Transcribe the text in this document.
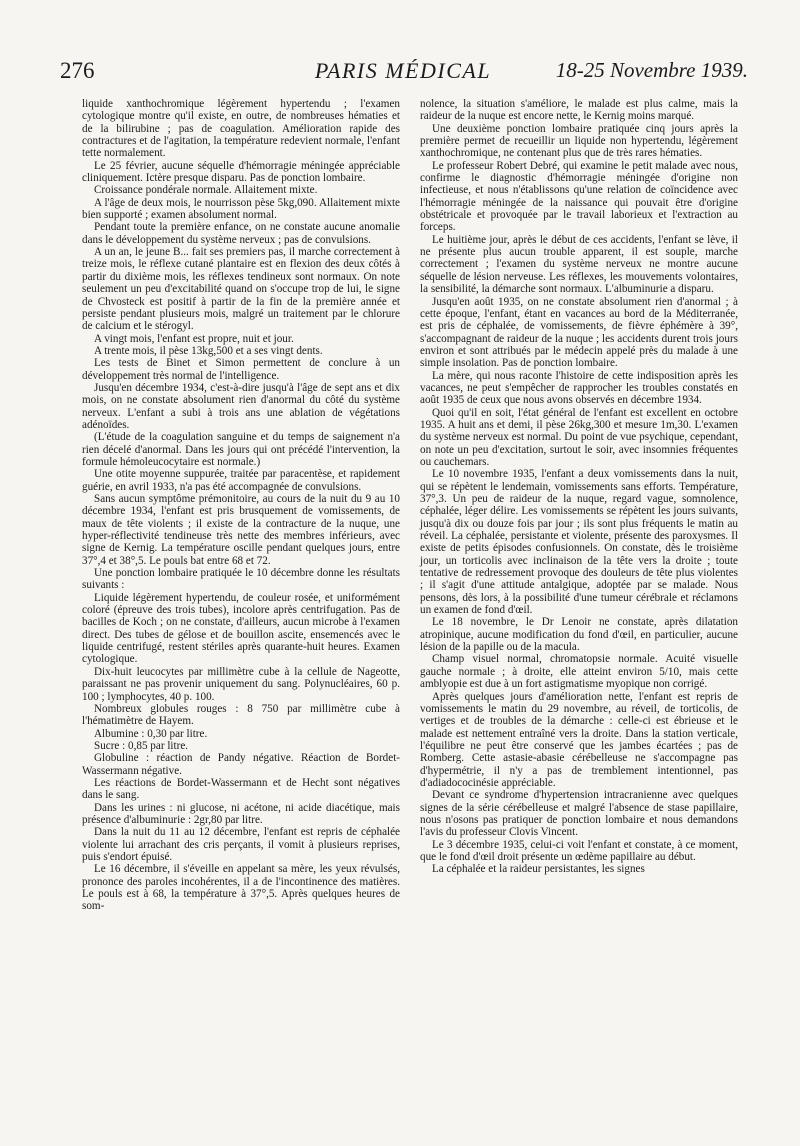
276	PARIS MÉDICAL	18-25 Novembre 1939.

liquide xanthochromique légèrement hypertendu ; l'examen cytologique montre qu'il existe, en outre, de nombreuses hématies et de la bilirubine ; pas de coagulation. Amélioration rapide des contractures et de l'agitation, la température redevient normale, l'enfant tette normalement.

Le 25 février, aucune séquelle d'hémorragie méningée appréciable cliniquement. Ictère presque disparu. Pas de ponction lombaire.

Croissance pondérale normale. Allaitement mixte.

A l'âge de deux mois, le nourrisson pèse 5kg,090. Allaitement mixte bien supporté ; examen absolument normal.

Pendant toute la première enfance, on ne constate aucune anomalie dans le développement du système nerveux ; pas de convulsions.

A un an, le jeune B... fait ses premiers pas, il marche correctement à treize mois, le réflexe cutané plantaire est en flexion des deux côtés à partir du dixième mois, les réflexes tendineux sont normaux. On note seulement un peu d'excitabilité quand on s'occupe trop de lui, le signe de Chvosteck est positif à partir de la fin de la première année et persiste pendant plusieurs mois, malgré un traitement par le chlorure de calcium et le stérogyl.

A vingt mois, l'enfant est propre, nuit et jour.

A trente mois, il pèse 13kg,500 et a ses vingt dents.

Les tests de Binet et Simon permettent de conclure à un développement très normal de l'intelligence.

Jusqu'en décembre 1934, c'est-à-dire jusqu'à l'âge de sept ans et dix mois, on ne constate absolument rien d'anormal du côté du système nerveux. L'enfant a subi à trois ans une ablation de végétations adénoïdes.

(L'étude de la coagulation sanguine et du temps de saignement n'a rien décelé d'anormal. Dans les jours qui ont précédé l'intervention, la formule hémoleucocytaire est normale.)

Une otite moyenne suppurée, traitée par paracentèse, et rapidement guérie, en avril 1933, n'a pas été accompagnée de convulsions.

Sans aucun symptôme prémonitoire, au cours de la nuit du 9 au 10 décembre 1934, l'enfant est pris brusquement de vomissements, de maux de tête violents ; il existe de la contracture de la nuque, une hyper-réflectivité tendineuse très nette des membres inférieurs, avec signe de Kernig. La température oscille pendant quelques jours, entre 37°,4 et 38°,5. Le pouls bat entre 68 et 72.

Une ponction lombaire pratiquée le 10 décembre donne les résultats suivants :

Liquide légèrement hypertendu, de couleur rosée, et uniformément coloré (épreuve des trois tubes), incolore après centrifugation. Pas de bacilles de Koch ; on ne constate, d'ailleurs, aucun microbe à l'examen direct. Des tubes de gélose et de bouillon ascite, ensemencés avec le liquide centrifugé, restent stériles après quarante-huit heures. Examen cytologique.

Dix-huit leucocytes par millimètre cube à la cellule de Nageotte, paraissant ne pas provenir uniquement du sang. Polynucléaires, 60 p. 100 ; lymphocytes, 40 p. 100.

Nombreux globules rouges : 8 750 par millimètre cube à l'hématimètre de Hayem.

Albumine : 0,30 par litre.

Sucre : 0,85 par litre.

Globuline : réaction de Pandy négative. Réaction de Bordet-Wassermann négative.

Les réactions de Bordet-Wassermann et de Hecht sont négatives dans le sang.

Dans les urines : ni glucose, ni acétone, ni acide diacétique, mais présence d'albuminurie : 2gr,80 par litre.

Dans la nuit du 11 au 12 décembre, l'enfant est repris de céphalée violente lui arrachant des cris perçants, il vomit à plusieurs reprises, puis s'endort épuisé.

Le 16 décembre, il s'éveille en appelant sa mère, les yeux révulsés, prononce des paroles incohérentes, il a de l'incontinence des matières. Le pouls est à 68, la température à 37°,5. Après quelques heures de som-

nolence, la situation s'améliore, le malade est plus calme, mais la raideur de la nuque est encore nette, le Kernig moins marqué.

Une deuxième ponction lombaire pratiquée cinq jours après la première permet de recueillir un liquide non hypertendu, légèrement xanthochromique, ne contenant plus que de très rares hématies.

Le professeur Robert Debré, qui examine le petit malade avec nous, confirme le diagnostic d'hémorragie méningée d'origine non infectieuse, et nous n'établissons qu'une relation de coïncidence avec l'hémorragie méningée de la naissance qui pouvait être d'origine obstétricale et provoquée par le travail laborieux et l'extraction au forceps.

Le huitième jour, après le début de ces accidents, l'enfant se lève, il ne présente plus aucun trouble apparent, il est souple, marche correctement ; l'examen du système nerveux ne montre aucune séquelle de lésion nerveuse. Les réflexes, les mouvements volontaires, la sensibilité, la démarche sont normaux. L'albuminurie a disparu.

Jusqu'en août 1935, on ne constate absolument rien d'anormal ; à cette époque, l'enfant, étant en vacances au bord de la Méditerranée, est pris de céphalée, de vomissements, de fièvre éphémère à 39°, s'accompagnant de raideur de la nuque ; les accidents durent trois jours environ et sont attribués par le médecin appelé près du malade à une simple insolation. Pas de ponction lombaire.

La mère, qui nous raconte l'histoire de cette indisposition après les vacances, ne peut s'empêcher de rapprocher les troubles constatés en août 1935 de ceux que nous avons observés en décembre 1934.

Quoi qu'il en soit, l'état général de l'enfant est excellent en octobre 1935. A huit ans et demi, il pèse 26kg,300 et mesure 1m,30. L'examen du système nerveux est normal. Du point de vue psychique, cependant, on note un peu d'excitation, surtout le soir, avec insomnies fréquentes ou cauchemars.

Le 10 novembre 1935, l'enfant a deux vomissements dans la nuit, qui se répètent le lendemain, vomissements sans efforts. Température, 37°,3. Un peu de raideur de la nuque, regard vague, somnolence, céphalée, léger délire. Les vomissements se répètent les jours suivants, jusqu'à dix ou douze fois par jour ; ils sont plus fréquents le matin au réveil. La céphalée, persistante et violente, présente des paroxysmes. Il existe de petits épisodes confusionnels. On constate, dès le troisième jour, un torticolis avec inclinaison de la tête vers la droite ; toute tentative de redressement provoque des douleurs de tête plus violentes ; il s'agit d'une attitude antalgique, adoptée par se malade. Nous pensons, dès lors, à la possibilité d'une tumeur cérébrale et réclamons un examen de fond d'œil.

Le 18 novembre, le Dr Lenoir ne constate, après dilatation atropinique, aucune modification du fond d'œil, en particulier, aucune lésion de la papille ou de la macula.

Champ visuel normal, chromatopsie normale. Acuité visuelle gauche normale ; à droite, elle atteint environ 5/10, mais cette amblyopie est due à un fort astigmatisme myopique non corrigé.

Après quelques jours d'amélioration nette, l'enfant est repris de vomissements le matin du 29 novembre, au réveil, de torticolis, de vertiges et de troubles de la démarche : celle-ci est ébrieuse et le malade est nettement entraîné vers la droite. Dans la station verticale, l'équilibre ne peut être conservé que les jambes écartées ; pas de Romberg. Cette astasie-abasie cérébelleuse ne s'accompagne pas d'hypermétrie, il n'y a pas de tremblement intentionnel, pas d'adiadococinésie appréciable.

Devant ce syndrome d'hypertension intracranienne avec quelques signes de la série cérébelleuse et malgré l'absence de stase papillaire, nous n'osons pas pratiquer de ponction lombaire et nous demandons l'avis du professeur Clovis Vincent.

Le 3 décembre 1935, celui-ci voit l'enfant et constate, à ce moment, que le fond d'œil droit présente un œdème papillaire au début.

La céphalée et la raideur persistantes, les signes
